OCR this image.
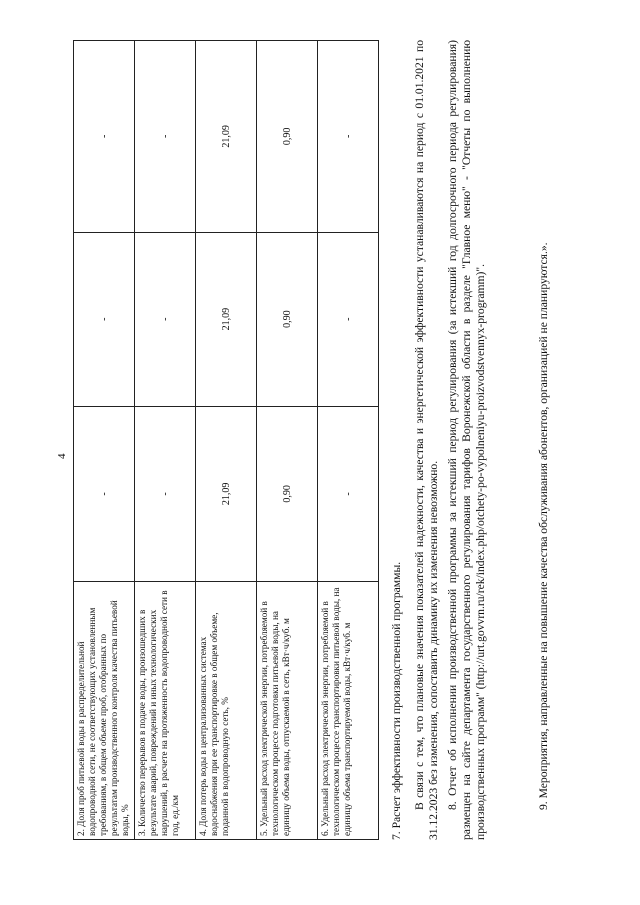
4
2. Доля проб питьевой воды в распределительной водопроводной сети, не соответствующих установленным требованиям, в общем объеме проб, отобранных по результатам производственного контроля качества питьевой воды, %	-	-	-
3. Количество перерывов в подаче воды, произошедших в результате аварий, повреждений и иных технологических нарушений, в расчете на протяженность водопроводной сети в год, ед./км	-	-	-
4. Доля потерь воды в централизованных системах водоснабжения при ее транспортировке в общем объеме, поданной в водопроводную сеть, %	21,09	21,09	21,09
5. Удельный расход электрической энергии, потребляемой в технологическом процессе подготовки питьевой воды, на единицу объема воды, отпускаемой в сеть, кВт·ч/куб. м	0,90	0,90	0,90
6. Удельный расход электрической энергии, потребляемой в технологическом процессе транспортировки питьевой воды, на единицу объема транспортируемой воды, кВт·ч/куб. м	-	-	-
7. Расчет эффективности производственной программы. В связи с тем, что плановые значения показателей надежности, качества и энергетической эффективности устанавливаются на период с 01.01.2021 по 31.12.2023 без изменения, сопоставить динамику их изменения невозможно. 8. Отчет об исполнении производственной программы за истекший период регулирования (за истекший год долгосрочного периода регулирования) размещен на сайте департамента государственного регулирования тарифов Воронежской области в разделе "Главное меню" - "Отчеты по выполнению производственных программ" (http://urt.govvrn.ru/rek/index.php/otchety-po-vypolneniyu-proizvodstvennyx-programm)".	9. Мероприятия, направленные на повышение качества обслуживания абонентов, организацией не планируются.».
